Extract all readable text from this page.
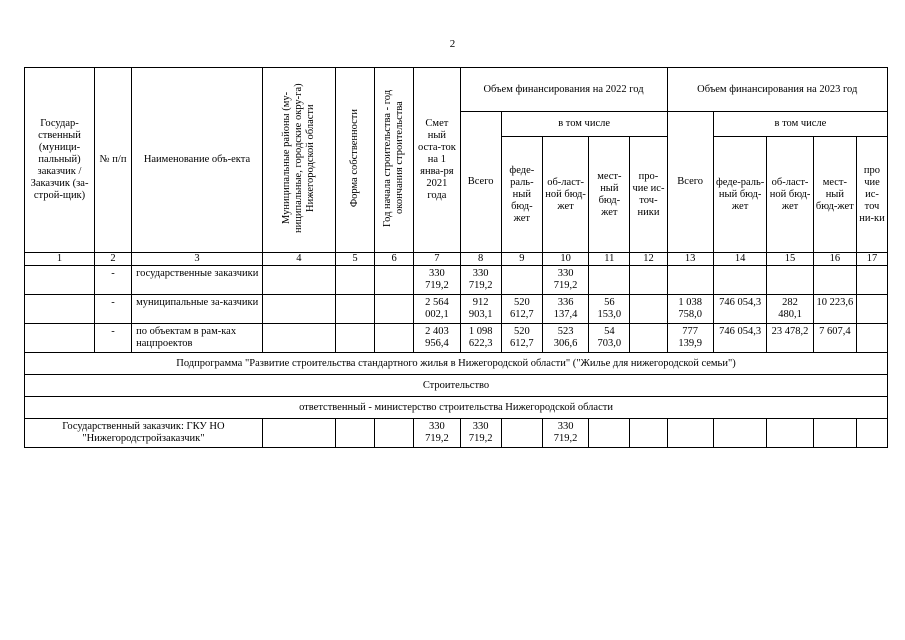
2
Государ-ственный (муници-пальный) заказчик / Заказчик (за-строй-щик)	№ п/п	Наименование объ-екта	Муниципальные районы (му-ниципальные, городские окру-га) Нижегородской области	Форма собственности	Год начала строительства - год окончания строительства	Смет ный оста-ток на 1 янва-ря 2021 года	Объем финансирования на 2022 год					Объем финансирования на 2023 год				
							Всего	в том числе				Всего	в том числе			
								феде-раль-ный бюд-жет	об-ласт-ной бюд-жет	мест-ный бюд-жет	про-чие ис-точ-ники		феде-раль-ный бюд-жет	об-ласт-ной бюд-жет	мест-ный бюд-жет	про чие ис-точ ни-ки
1	2	3	4	5	6	7	8	9	10	11	12	13	14	15	16	17
	-	государственные заказчики				330 719,2	330 719,2		330 719,2							
	-	муниципальные за-казчики				2 564 002,1	912 903,1	520 612,7	336 137,4	56 153,0		1 038 758,0	746 054,3	282 480,1	10 223,6	
	-	по объектам в рам-ках нацпроектов				2 403 956,4	1 098 622,3	520 612,7	523 306,6	54 703,0		777 139,9	746 054,3	23 478,2	7 607,4	
Подпрограмма "Развитие строительства стандартного жилья в Нижегородской области" ("Жилье для нижегородской семьи")																
Строительство																
ответственный - министерство строительства Нижегородской области																
Государственный заказчик: ГКУ НО "Нижегородстройзаказчик"						330 719,2	330 719,2		330 719,2							
